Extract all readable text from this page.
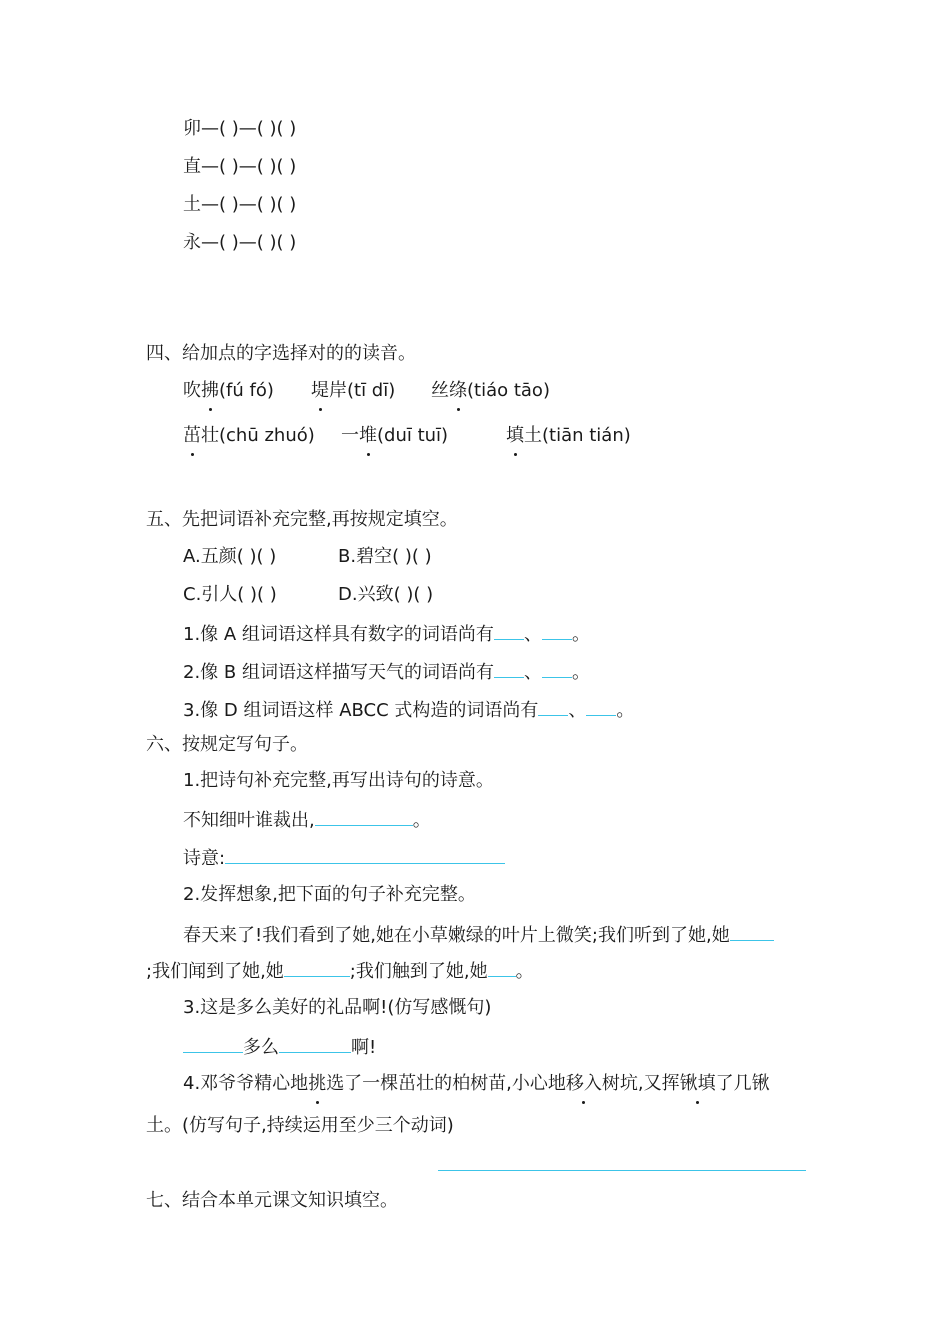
卯—( )—( )( )
直—( )—( )( )
土—( )—( )( )
永—( )—( )( )
四、给加点的字选择对的的读音。
吹拂(fú fó) 堤岸(tī dī) 丝绦(tiáo tāo)
茁壮(chū zhuó) 一堆(duī tuī)	填土(tiān tián)
五、先把词语补充完整,再按规定填空。
A.五颜( )( )	B.碧空( )( )
C.引人( )( )	D.兴致( )( )
1.像 A 组词语这样具有数字的词语尚有 、 。
2.像 B 组词语这样描写天气的词语尚有 、 。
3.像 D 组词语这样 ABCC 式构造的词语尚有 、 。
六、按规定写句子。
1.把诗句补充完整,再写出诗句的诗意。
不知细叶谁裁出,	。
诗意:
2.发挥想象,把下面的句子补充完整。
春天来了!我们看到了她,她在小草嫩绿的叶片上微笑;我们听到了她,她
;我们闻到了她,她	;我们触到了她,她 。
3.这是多么美好的礼品啊!(仿写感慨句)
多么	啊!
4.邓爷爷精心地挑选了一棵茁壮的柏树苗,小心地移入树坑,又挥锹填了几锹
土。(仿写句子,持续运用至少三个动词)
七、结合本单元课文知识填空。
